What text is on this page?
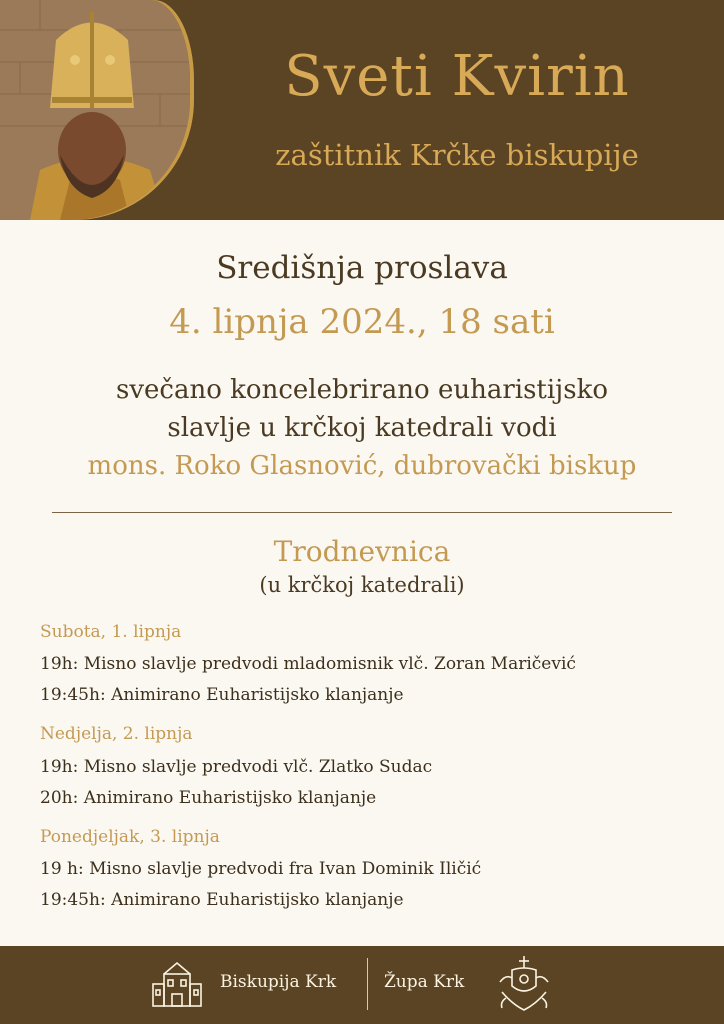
Sveti Kvirin
zaštitnik Krčke biskupije
Središnja proslava
4. lipnja 2024., 18 sati
svečano koncelebrirano euharistijsko
slavlje u krčkoj katedrali vodi
mons. Roko Glasnović, dubrovački biskup
Trodnevnica
(u krčkoj katedrali)
Subota, 1. lipnja
19h: Misno slavlje predvodi mladomisnik vlč. Zoran Maričević
19:45h: Animirano Euharistijsko klanjanje
Nedjelja, 2. lipnja
19h: Misno slavlje predvodi vlč. Zlatko Sudac
20h: Animirano Euharistijsko klanjanje
Ponedjeljak, 3. lipnja
19 h: Misno slavlje predvodi fra Ivan Dominik Iličić
19:45h: Animirano Euharistijsko klanjanje
Biskupija Krk	Župa Krk
